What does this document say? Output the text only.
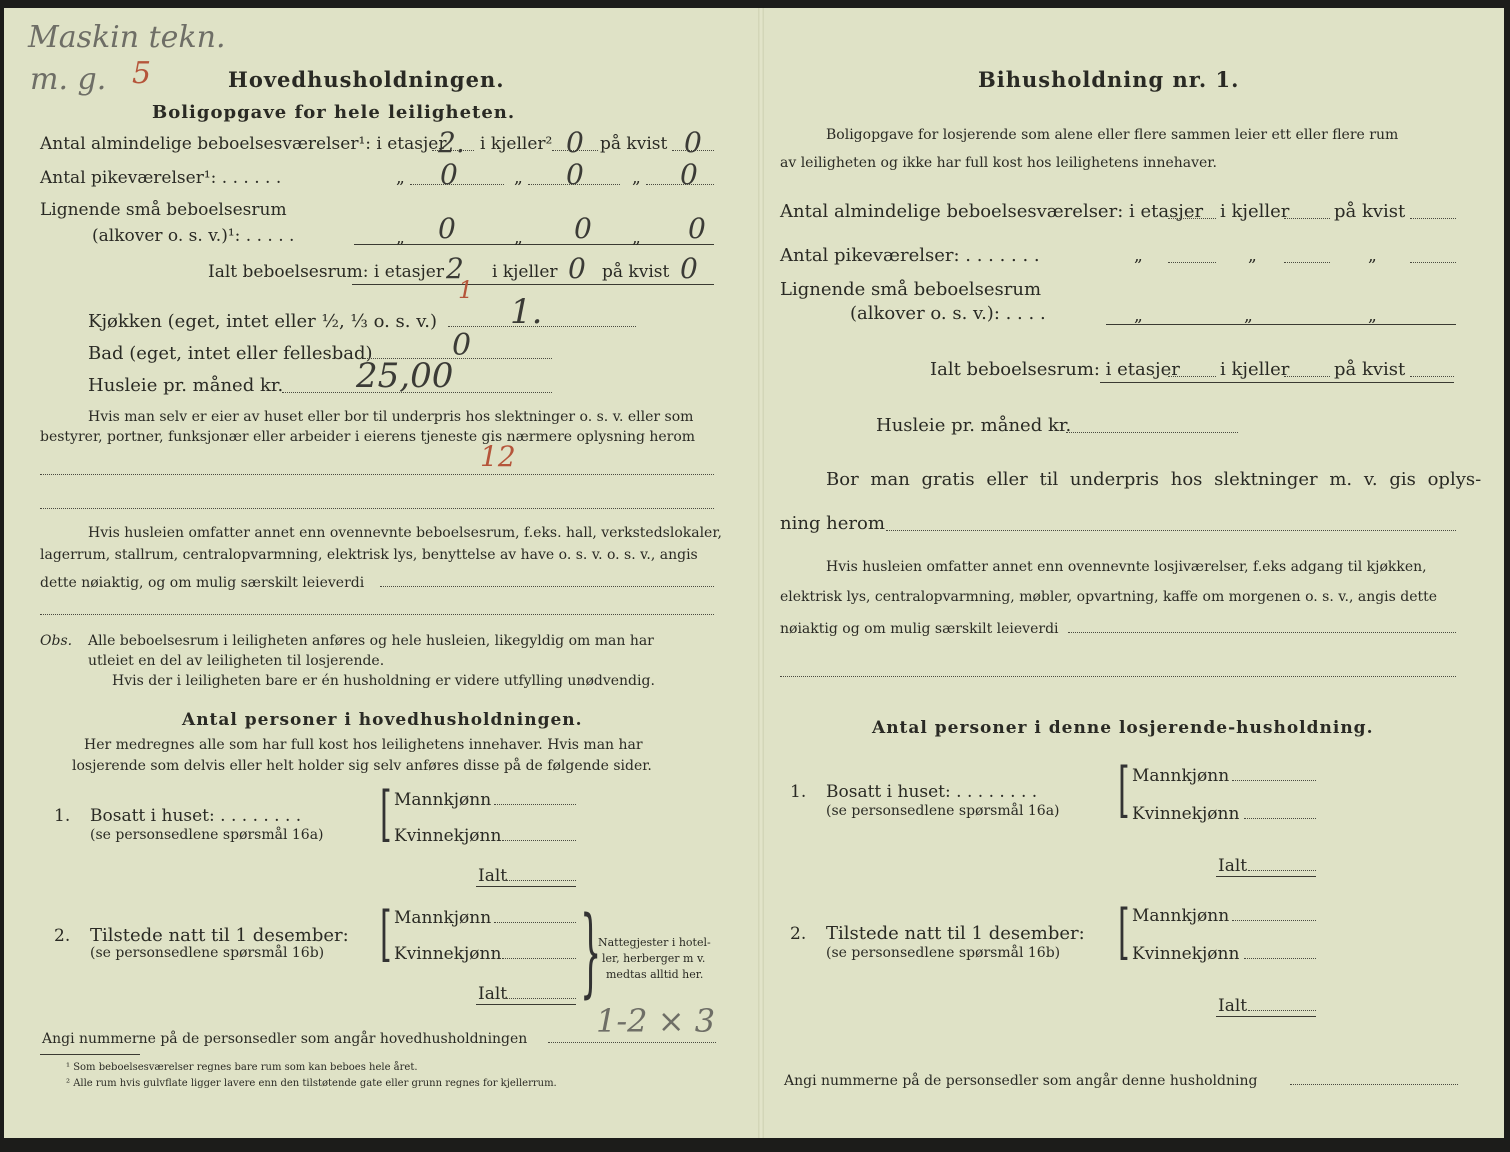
Maskin tekn.
m. g. 5	Hovedhusholdningen.
Boligopgave for hele leiligheten.
Antal almindelige beboelsesværelser¹: i etasjer
2. i kjeller² 0 på kvist 0
Antal pikeværelser¹: . . . . . .	„ 0	„ 0	„ 0
Lignende små beboelsesrum
(alkover o. s. v.)¹: . . . . .	„ 0	„ 0 „ 0
Ialt beboelsesrum: i etasjer 2 i kjeller 0 på kvist 0
1
Kjøkken (eget, intet eller ½, ⅓ o. s. v.) 1.
Bad (eget, intet eller fellesbad)	0
Husleie pr. måned kr. 25,00
Hvis man selv er eier av huset eller bor til underpris hos slektninger o. s. v. eller som
bestyrer, portner, funksjonær eller arbeider i eierens tjeneste gis nærmere oplysning herom
12
Hvis husleien omfatter annet enn ovennevnte beboelsesrum, f.eks. hall, verkstedslokaler,
lagerrum, stallrum, centralopvarmning, elektrisk lys, benyttelse av have o. s. v. o. s. v., angis
dette nøiaktig, og om mulig særskilt leieverdi
Obs. Alle beboelsesrum i leiligheten anføres og hele husleien, likegyldig om man har
utleiet en del av leiligheten til losjerende.
Hvis der i leiligheten bare er én husholdning er videre utfylling unødvendig.
Antal personer i hovedhusholdningen.
Her medregnes alle som har full kost hos leilighetens innehaver. Hvis man har
losjerende som delvis eller helt holder sig selv anføres disse på de følgende sider.
1. Bosatt i huset: . . . . . . . .
(se personsedlene spørsmål 16a) [ Mannkjønn
Kvinnekjønn
Ialt
2. Tilstede natt til 1 desember:
(se personsedlene spørsmål 16b) [ Mannkjønn
Kvinnekjønn
Ialt }
Nattegjester i hotel-
ler, herberger m v.
medtas alltid her.
Angi nummerne på de personsedler som angår hovedhusholdningen 1-2 × 3
¹ Som beboelsesværelser regnes bare rum som kan beboes hele året.
² Alle rum hvis gulvflate ligger lavere enn den tilstøtende gate eller grunn regnes for kjellerrum.
Bihusholdning nr. 1.
Boligopgave for losjerende som alene eller flere sammen leier ett eller flere rum
av leiligheten og ikke har full kost hos leilighetens innehaver.
Antal almindelige beboelsesværelser: i etasjer i kjeller på kvist
Antal pikeværelser: . . . . . . .	„	„	„
Lignende små beboelsesrum
(alkover o. s. v.): . . . .	„	„	„
Ialt beboelsesrum: i etasjer i kjeller på kvist
Husleie pr. måned kr.
Bor man gratis eller til underpris hos slektninger m. v. gis oplys-
ning herom
Hvis husleien omfatter annet enn ovennevnte losjiværelser, f.eks adgang til kjøkken,
elektrisk lys, centralopvarmning, møbler, opvartning, kaffe om morgenen o. s. v., angis dette
nøiaktig og om mulig særskilt leieverdi
Antal personer i denne losjerende-husholdning.
1. Bosatt i huset: . . . . . . . .
(se personsedlene spørsmål 16a) [ Mannkjønn
Kvinnekjønn
Ialt
2. Tilstede natt til 1 desember:
(se personsedlene spørsmål 16b) [ Mannkjønn
Kvinnekjønn
Ialt
Angi nummerne på de personsedler som angår denne husholdning
